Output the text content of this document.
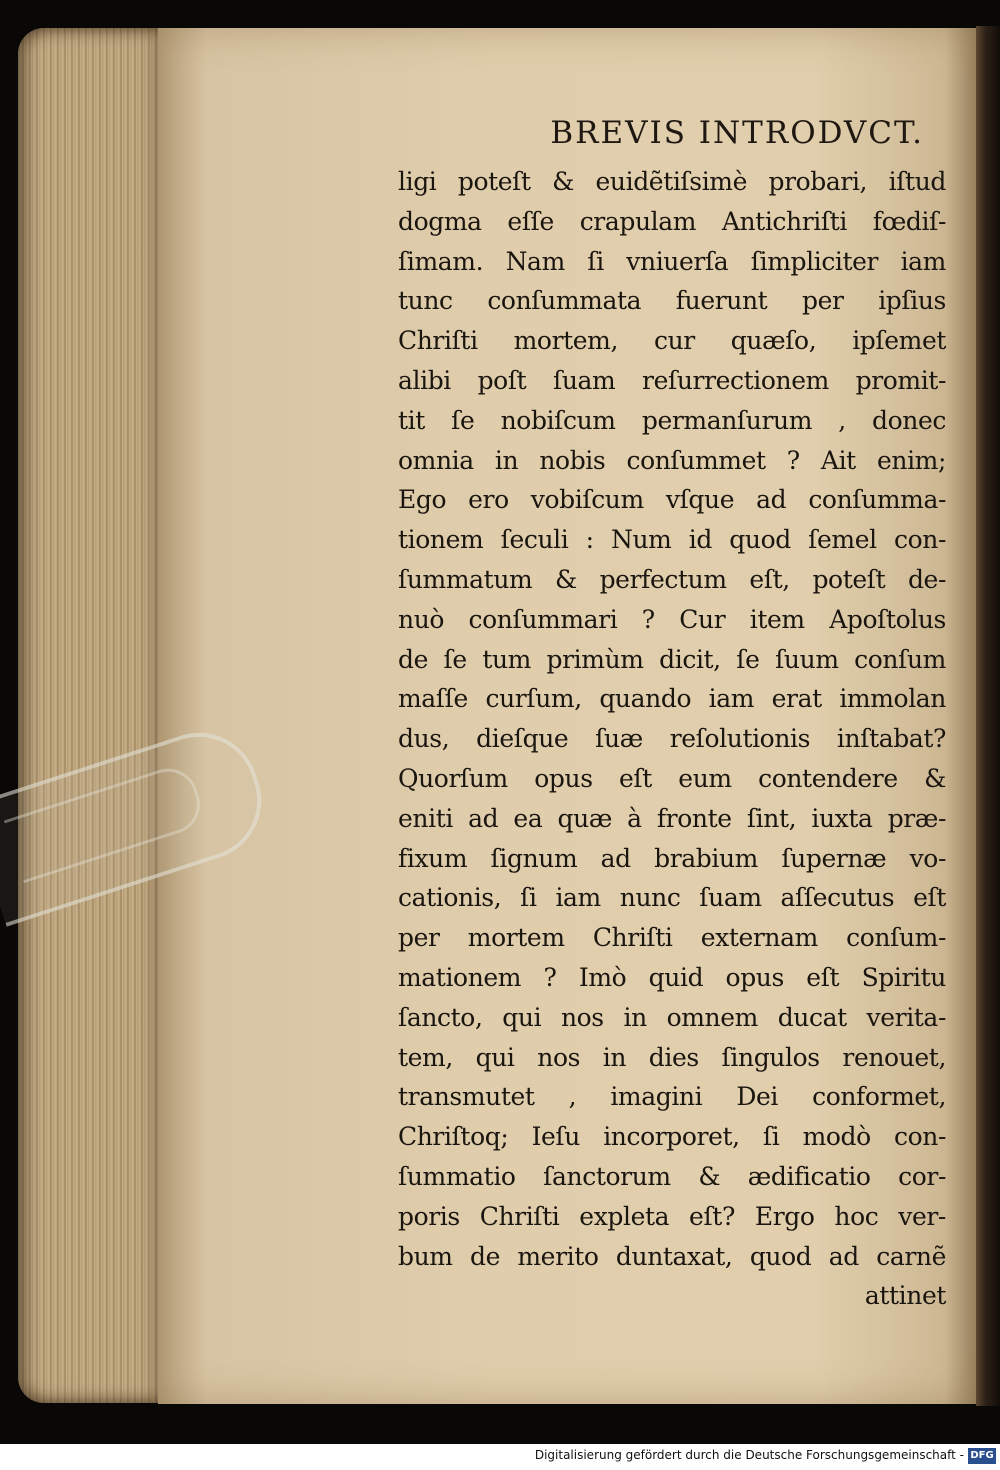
BREVIS INTRODVCT.
ligi poteſt & euidẽtiſsimè probari, iſtud
dogma eſſe crapulam Antichriſti fœdiſ-
ſimam. Nam ſi vniuerſa ſimpliciter iam
tunc conſummata fuerunt per ipſius
Chriſti mortem, cur quæſo, ipſemet
alibi poſt ſuam reſurrectionem promit-
tit ſe nobiſcum permanſurum , donec
omnia in nobis conſummet ? Ait enim;
Ego ero vobiſcum vſque ad conſumma-
tionem ſeculi : Num id quod ſemel con-
ſummatum & perfectum eſt, poteſt de-
nuò conſummari ? Cur item Apoſtolus
de ſe tum primùm dicit, ſe ſuum conſum
maſſe curſum, quando iam erat immolan
dus, dieſque ſuæ reſolutionis inſtabat?
Quorſum opus eſt eum contendere &
eniti ad ea quæ à fronte ſint, iuxta præ-
fixum ſignum ad brabium ſupernæ vo-
cationis, ſi iam nunc ſuam aſſecutus eſt
per mortem Chriſti externam conſum-
mationem ? Imò quid opus eſt Spiritu
ſancto, qui nos in omnem ducat verita-
tem, qui nos in dies ſingulos renouet,
transmutet , imagini Dei conformet,
Chriſtoq; Ieſu incorporet, ſi modò con-
ſummatio ſanctorum & ædificatio cor-
poris Chriſti expleta eſt? Ergo hoc ver-
bum de merito duntaxat, quod ad carnẽ
attinet
Digitalisierung gefördert durch die Deutsche Forschungsgemeinschaft - DFG
